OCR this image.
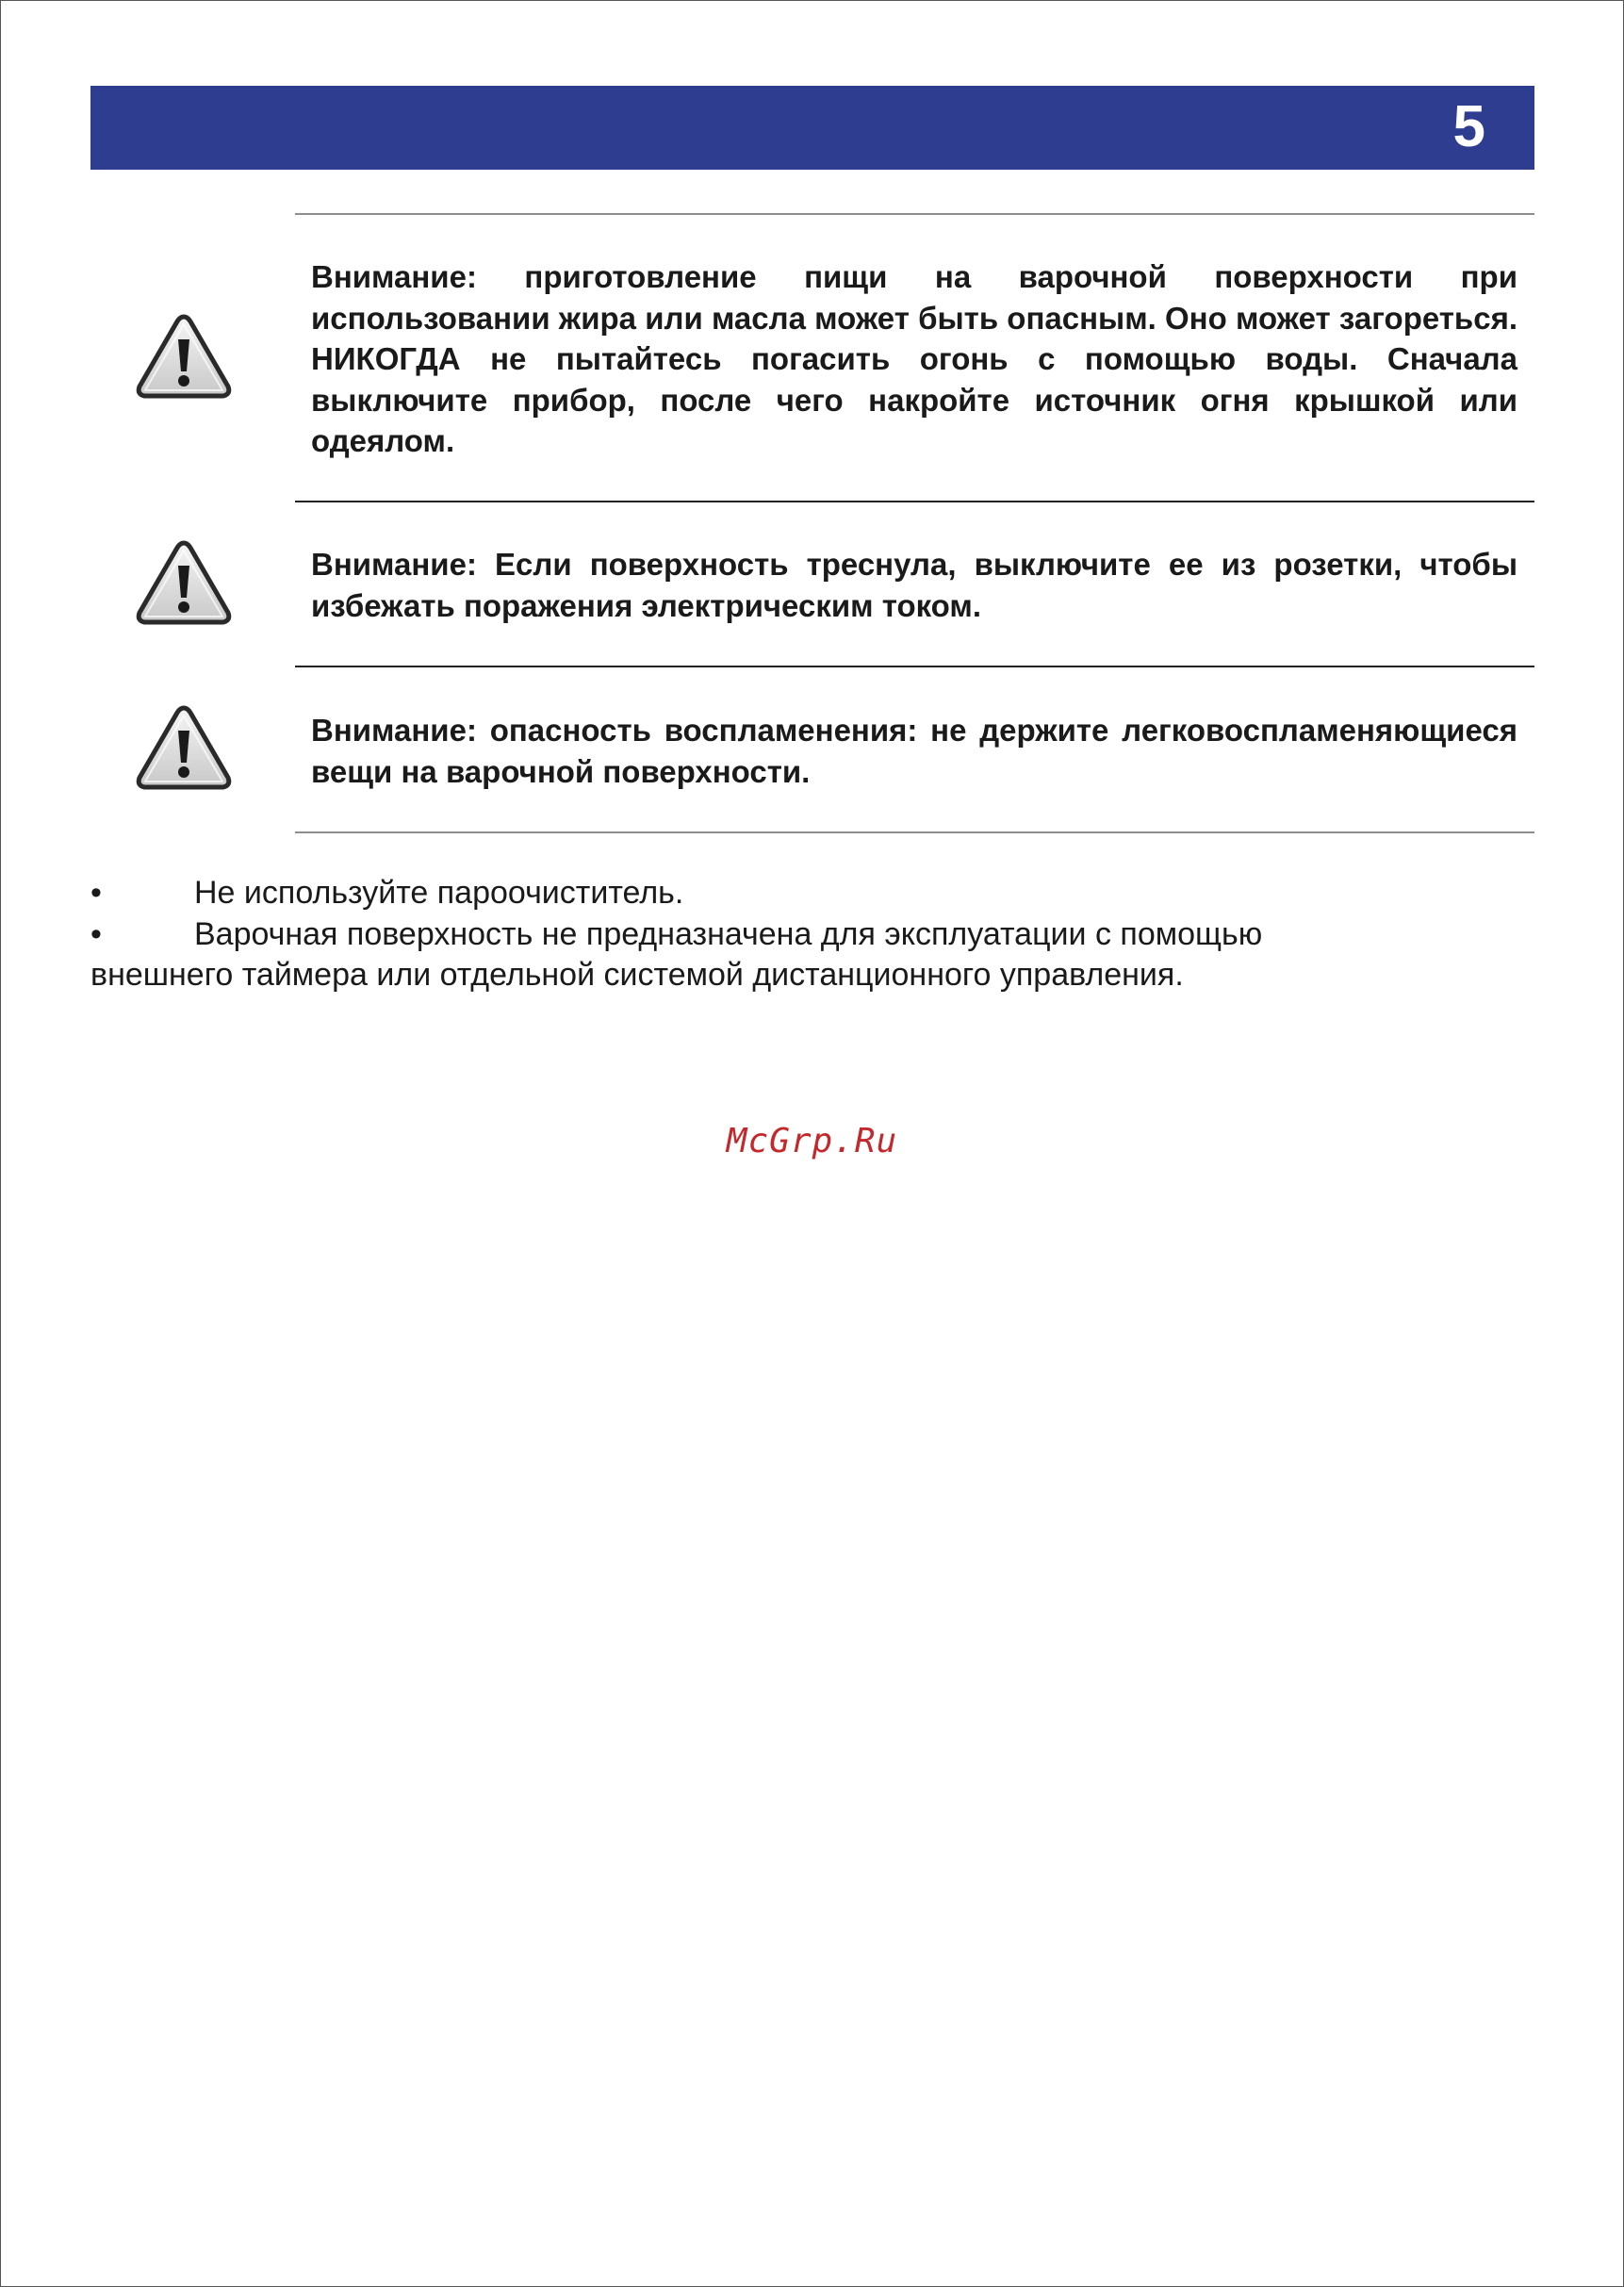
5

Внимание: приготовление пищи на варочной поверхности при использовании жира или масла может быть опасным. Оно может загореться. НИКОГДА не пытайтесь погасить огонь с помощью воды. Сначала выключите прибор, после чего накройте источник огня крышкой или одеялом.

Внимание: Если поверхность треснула, выключите ее из розетки, чтобы избежать поражения электрическим током.

Внимание: опасность воспламенения: не держите легковоспламеняющиеся вещи на варочной поверхности.

•	Не используйте пароочиститель.
•	Варочная поверхность не предназначена для эксплуатации с помощью
внешнего таймера или отдельной системой дистанционного управления.
McGrp.Ru
